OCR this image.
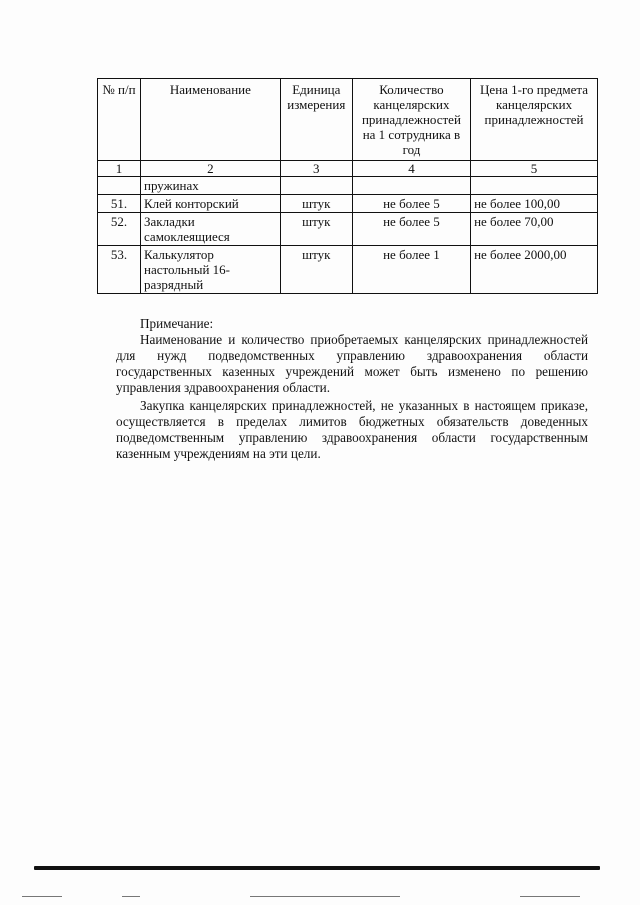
№ п/п	Наименование	Единица измерения	Количество канцелярских принадлежностей на 1 сотрудника в год	Цена 1-го предмета канцелярских принадлежностей
1	2	3	4	5
	пружинах			
51.	Клей конторский	штук	не более 5	не более 100,00
52.	Закладки самоклеящиеся	штук	не более 5	не более 70,00
53.	Калькулятор настольный 16-разрядный	штук	не более 1	не более 2000,00
Примечание:

Наименование и количество приобретаемых канцелярских принадлежностей для нужд подведомственных управлению здравоохранения области государственных казенных учреждений может быть изменено по решению управления здравоохранения области.

Закупка канцелярских принадлежностей, не указанных в настоящем приказе, осуществляется в пределах лимитов бюджетных обязательств доведенных подведомственным управлению здравоохранения области государственным казенным учреждениям на эти цели.
